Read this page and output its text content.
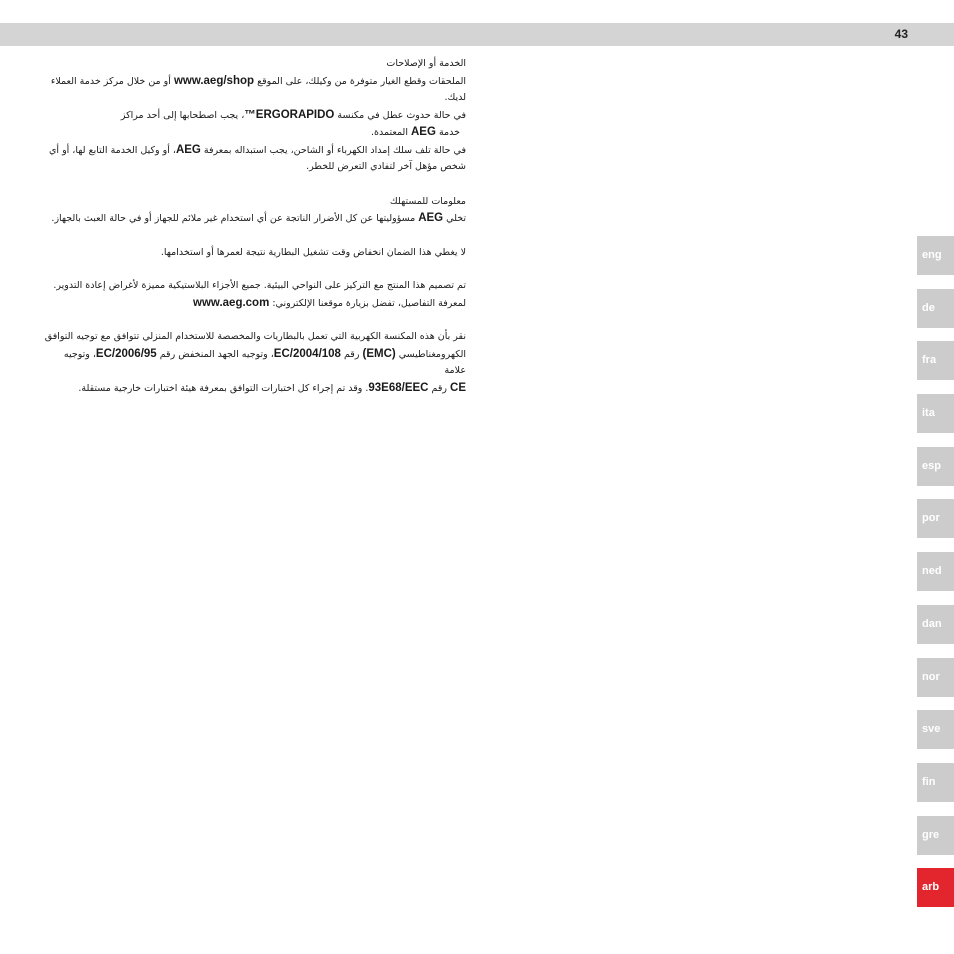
43

الخدمة أو الإصلاحات

الملحقات وقطع الغيار متوفرة من وكيلك، على الموقع www.aeg/shop أو من خلال مركز خدمة العملاء لديك.

في حالة حدوث عطل في مكنسة ERGORAPIDO™، يجب اصطحابها إلى أحد مراكز

خدمة AEG المعتمدة.

في حالة تلف سلك إمداد الكهرباء أو الشاحن، يجب استبداله بمعرفة AEG، أو وكيل الخدمة التابع لها، أو أي

شخص مؤهل آخر لتفادي التعرض للخطر.

معلومات للمستهلك

تخلي AEG مسؤوليتها عن كل الأضرار الناتجة عن أي استخدام غير ملائم للجهاز أو في حالة العبث بالجهاز.

لا يغطي هذا الضمان انخفاض وقت تشغيل البطارية نتيجة لعمرها أو استخدامها.

تم تصميم هذا المنتج مع التركيز على النواحي البيئية. جميع الأجزاء البلاستيكية مميزة لأغراض إعادة التدوير.

لمعرفة التفاصيل، تفضل بزيارة موقعنا الإلكتروني: www.aeg.com

نقر بأن هذه المكنسة الكهربية التي تعمل بالبطاريات والمخصصة للاستخدام المنزلي تتوافق مع توجيه التوافق

الكهرومغناطيسي (EMC) رقم 2004/108/EC، وتوجيه الجهد المنخفض رقم 2006/95/EC، وتوجيه علامة

CE رقم 93E68/EEC. وقد تم إجراء كل اختبارات التوافق بمعرفة هيئة اختبارات خارجية مستقلة.

eng
de
fra
ita
esp
por
ned
dan
nor
sve
fin
gre
arb
